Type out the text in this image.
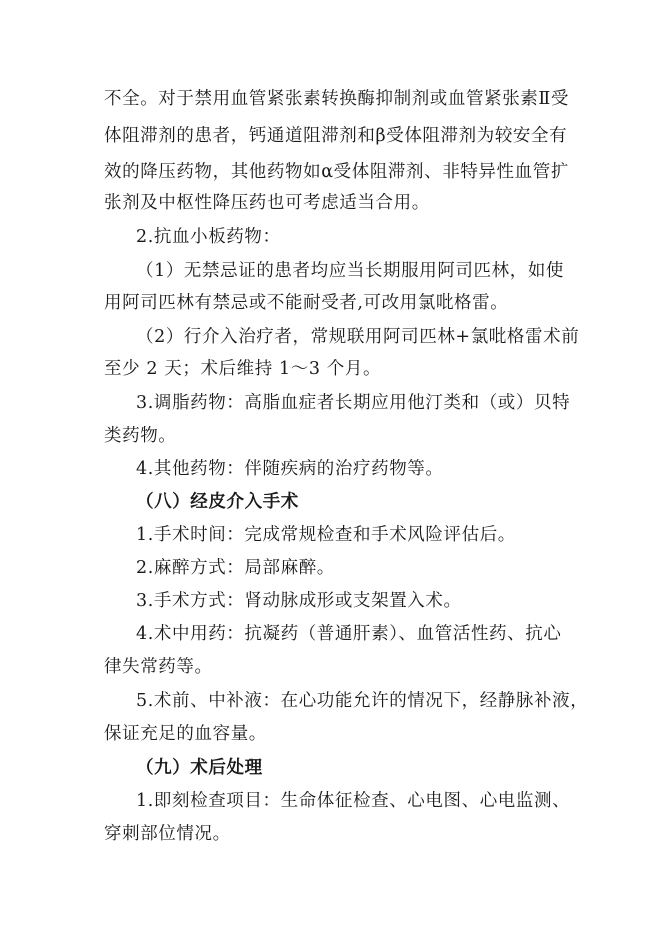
不全。对于禁用血管紧张素转换酶抑制剂或血管紧张素Ⅱ受
体阻滞剂的患者，钙通道阻滞剂和β受体阻滞剂为较安全有
效的降压药物，其他药物如α受体阻滞剂、非特异性血管扩
张剂及中枢性降压药也可考虑适当合用。
2.抗血小板药物：
（1）无禁忌证的患者均应当长期服用阿司匹林，如使
用阿司匹林有禁忌或不能耐受者,可改用氯吡格雷。
（2）行介入治疗者，常规联用阿司匹林+氯吡格雷术前
至少 2 天；术后维持 1～3 个月。
3.调脂药物：高脂血症者长期应用他汀类和（或）贝特
类药物。
4.其他药物：伴随疾病的治疗药物等。
（八）经皮介入手术
1.手术时间：完成常规检查和手术风险评估后。
2.麻醉方式：局部麻醉。
3.手术方式：肾动脉成形或支架置入术。
4.术中用药：抗凝药（普通肝素）、血管活性药、抗心
律失常药等。
5.术前、中补液：在心功能允许的情况下，经静脉补液，
保证充足的血容量。
（九）术后处理
1.即刻检查项目：生命体征检查、心电图、心电监测、
穿刺部位情况。
